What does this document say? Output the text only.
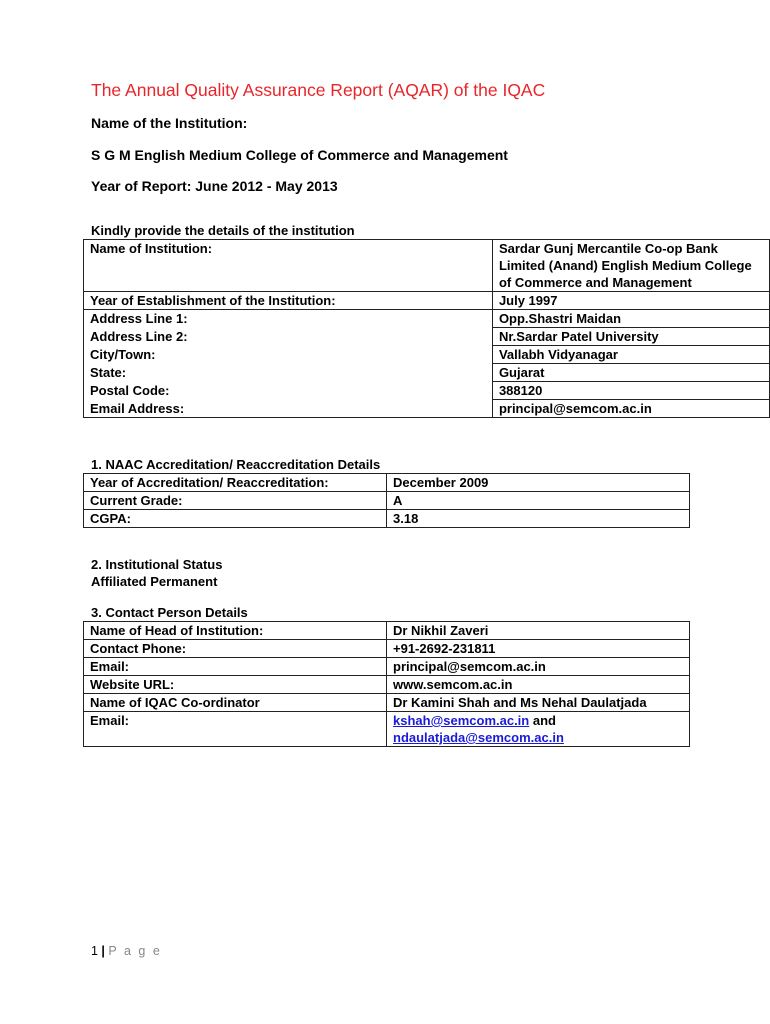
The Annual Quality Assurance Report (AQAR) of the IQAC
Name of the Institution:
S G M English Medium College of Commerce and Management
Year of Report: June 2012 - May 2013
Kindly provide the details of the institution
Name of Institution:	Sardar Gunj Mercantile Co-op Bank Limited (Anand) English Medium College of Commerce and Management
Year of Establishment of the Institution:	July 1997
Address Line 1:	Opp.Shastri Maidan
Address Line 2:	Nr.Sardar Patel University
City/Town:	Vallabh Vidyanagar
State:	Gujarat
Postal Code:	388120
Email Address:	principal@semcom.ac.in
1. NAAC Accreditation/ Reaccreditation Details
Year of Accreditation/ Reaccreditation:	December 2009
Current Grade:	A
CGPA:	3.18
2. Institutional Status
Affiliated Permanent
3. Contact Person Details
Name of Head of Institution:	Dr Nikhil Zaveri
Contact Phone:	+91-2692-231811
Email:	principal@semcom.ac.in
Website URL:	www.semcom.ac.in
Name of IQAC Co-ordinator	Dr Kamini Shah and Ms Nehal Daulatjada
Email:	kshah@semcom.ac.in and
ndaulatjada@semcom.ac.in
1 | P a g e
